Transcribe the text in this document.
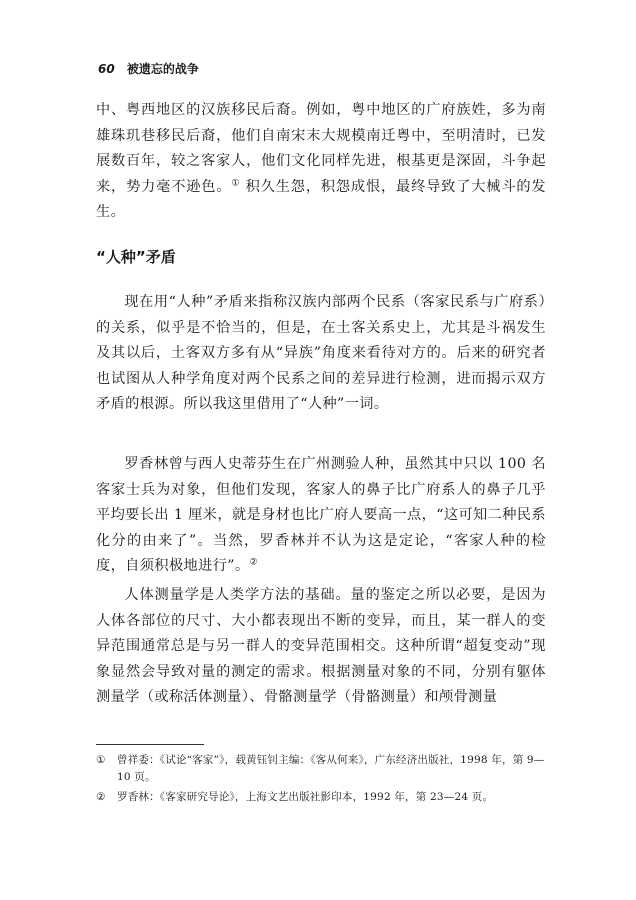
60 被遗忘的战争

中、粤西地区的汉族移民后裔。例如，粤中地区的广府族姓，多为南雄珠玑巷移民后裔，他们自南宋末大规模南迁粤中，至明清时，已发展数百年，较之客家人，他们文化同样先进，根基更是深固，斗争起来，势力毫不逊色。① 积久生怨，积怨成恨，最终导致了大械斗的发生。

“人种”矛盾

现在用“人种”矛盾来指称汉族内部两个民系（客家民系与广府系）的关系，似乎是不恰当的，但是，在土客关系史上，尤其是斗祸发生及其以后，土客双方多有从“异族”角度来看待对方的。后来的研究者也试图从人种学角度对两个民系之间的差异进行检测，进而揭示双方矛盾的根源。所以我这里借用了“人种”一词。

罗香林曾与西人史蒂芬生在广州测验人种，虽然其中只以 100 名客家士兵为对象，但他们发现，客家人的鼻子比广府系人的鼻子几乎平均要长出 1 厘米，就是身材也比广府人要高一点，“这可知二种民系化分的由来了”。当然，罗香林并不认为这是定论，“客家人种的检度，自须积极地进行”。②

人体测量学是人类学方法的基础。量的鉴定之所以必要，是因为人体各部位的尺寸、大小都表现出不断的变异，而且，某一群人的变异范围通常总是与另一群人的变异范围相交。这种所谓“超复变动”现象显然会导致对量的测定的需求。根据测量对象的不同，分别有躯体测量学（或称活体测量）、骨骼测量学（骨骼测量）和颅骨测量

① 曾祥委：《试论“客家”》，载黄钰钊主编：《客从何来》，广东经济出版社，1998 年，第 9—10 页。

② 罗香林：《客家研究导论》，上海文艺出版社影印本，1992 年，第 23—24 页。
